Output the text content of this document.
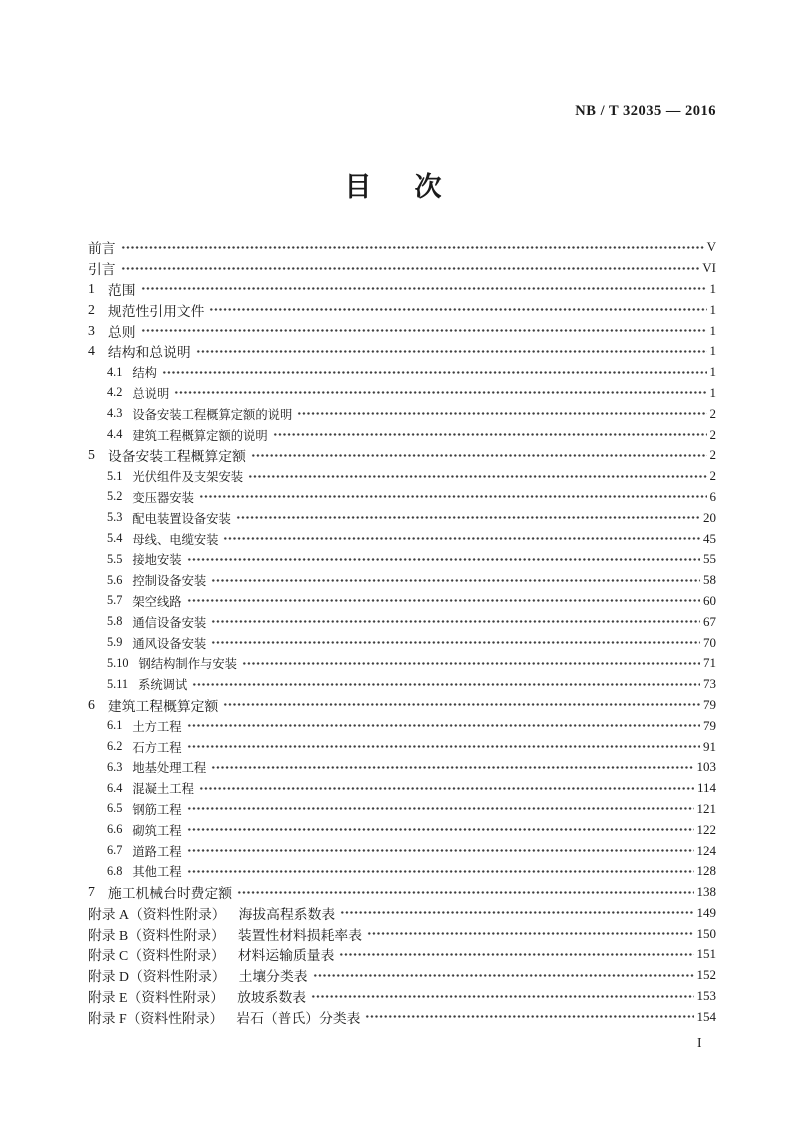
NB / T 32035 — 2016
目　次
前言	V
引言	VI
1 范围	1
2 规范性引用文件	1
3 总则	1
4 结构和总说明	1
4.1 结构	1
4.2 总说明	1
4.3 设备安装工程概算定额的说明	2
4.4 建筑工程概算定额的说明	2
5 设备安装工程概算定额	2
5.1 光伏组件及支架安装	2
5.2 变压器安装	6
5.3 配电装置设备安装	20
5.4 母线、电缆安装	45
5.5 接地安装	55
5.6 控制设备安装	58
5.7 架空线路	60
5.8 通信设备安装	67
5.9 通风设备安装	70
5.10 钢结构制作与安装	71
5.11 系统调试	73
6 建筑工程概算定额	79
6.1 土方工程	79
6.2 石方工程	91
6.3 地基处理工程	103
6.4 混凝土工程	114
6.5 钢筋工程	121
6.6 砌筑工程	122
6.7 道路工程	124
6.8 其他工程	128
7 施工机械台时费定额	138
附录 A（资料性附录） 海拔高程系数表	149
附录 B（资料性附录） 装置性材料损耗率表	150
附录 C（资料性附录） 材料运输质量表	151
附录 D（资料性附录） 土壤分类表	152
附录 E（资料性附录） 放坡系数表	153
附录 F（资料性附录） 岩石（普氏）分类表	154
I
